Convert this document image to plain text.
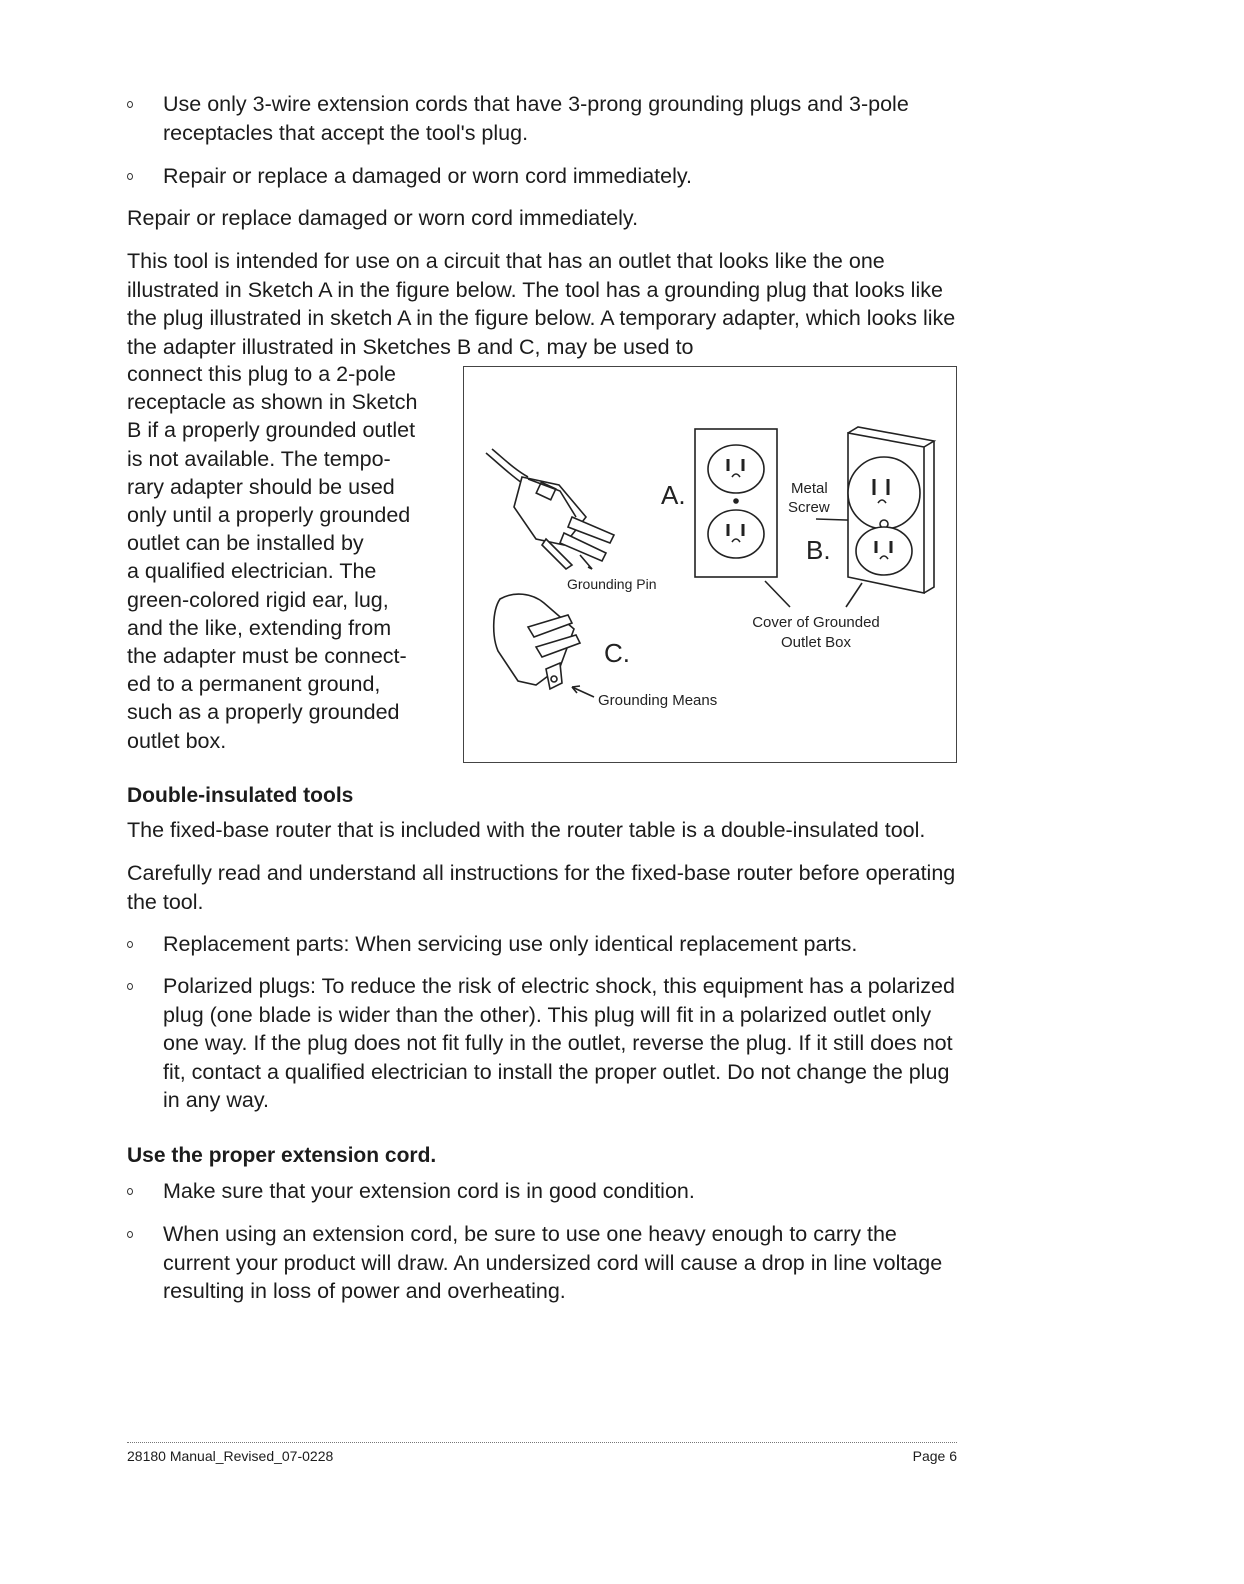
Use only 3-wire extension cords that have 3-prong grounding plugs and 3-pole receptacles that accept the tool's plug.
Repair or replace a damaged or worn cord immediately.

Repair or replace damaged or worn cord immediately.

This tool is intended for use on a circuit that has an outlet that looks like the one illustrated in Sketch A in the figure below. The tool has a grounding plug that looks like the plug illustrated in sketch A in the figure below. A temporary adapter, which looks like the adapter illustrated in Sketches B and C, may be used to

connect this plug to a 2-pole
receptacle as shown in Sketch
B if a properly grounded outlet
is not available. The tempo-
rary adapter should be used
only until a properly grounded
outlet can be installed by
a qualified electrician. The
green-colored rigid ear, lug,
and the like, extending from
the adapter must be connect-
ed to a permanent ground,
such as a properly grounded
outlet box.
Grounding Pin
A.	Metal
Screw
B.
Cover of Grounded
Outlet Box
C.
Grounding Means
Double-insulated tools

The fixed-base router that is included with the router table is a double-insulated tool.

Carefully read and understand all instructions for the fixed-base router before operating the tool.

Replacement parts: When servicing use only identical replacement parts.
Polarized plugs: To reduce the risk of electric shock, this equipment has a polarized plug (one blade is wider than the other). This plug will fit in a polarized outlet only one way. If the plug does not fit fully in the outlet, reverse the plug. If it still does not fit, contact a qualified electrician to install the proper outlet. Do not change the plug in any way.
Use the proper extension cord.
Make sure that your extension cord is in good condition.
When using an extension cord, be sure to use one heavy enough to carry the current your product will draw. An undersized cord will cause a drop in line voltage resulting in loss of power and overheating.
28180 Manual_Revised_07-0228	Page 6
